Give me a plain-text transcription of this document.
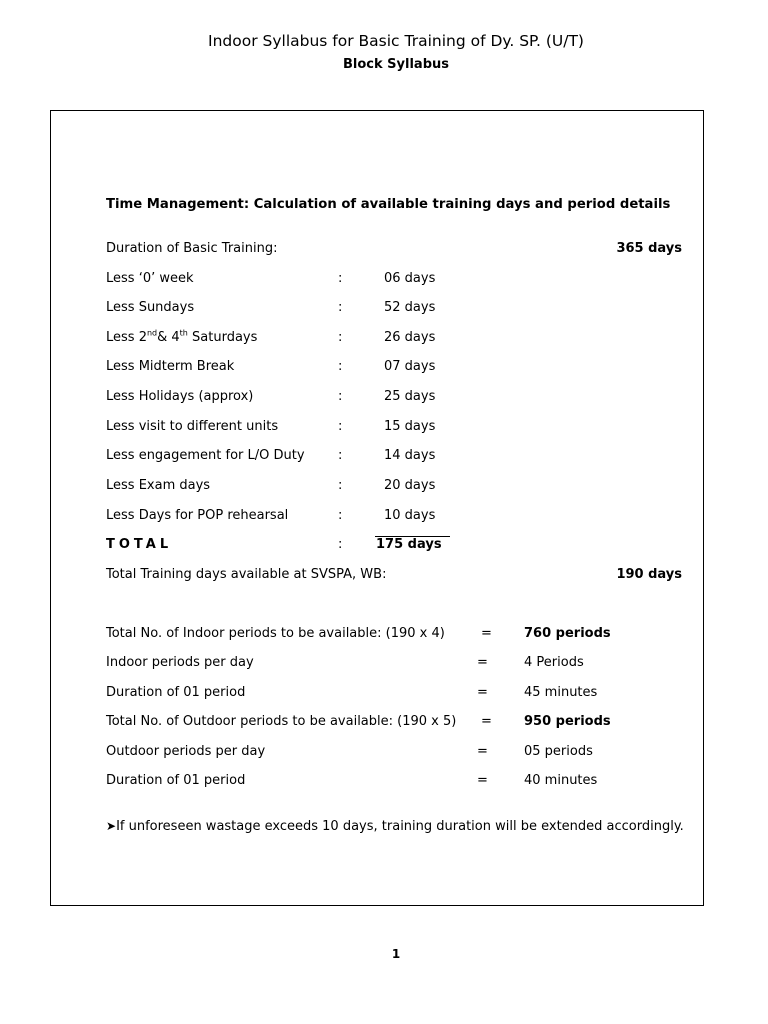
Indoor Syllabus for Basic Training of Dy. SP. (U/T)
Block Syllabus
Time Management: Calculation of available training days and period details
Duration of Basic Training:	365 days
Less ‘0’ week	:	06 days
Less Sundays	:	52 days
Less 2nd& 4th Saturdays	:	26 days
Less Midterm Break	:	07 days
Less Holidays (approx)	:	25 days
Less visit to different units	:	15 days
Less engagement for L/O Duty	:	14 days
Less Exam days	:	20 days
Less Days for POP rehearsal	:	10 days
TOTAL	:	175 days
Total Training days available at SVSPA, WB:	190 days
Total No. of Indoor periods to be available: (190 x 4)	= 760 periods
Indoor periods per day	=	4 Periods
Duration of 01 period	=	45 minutes
Total No. of Outdoor periods to be available: (190 x 5) = 950 periods
Outdoor periods per day	=	05 periods
Duration of 01 period	=	40 minutes
➤If unforeseen wastage exceeds 10 days, training duration will be extended accordingly.
1
